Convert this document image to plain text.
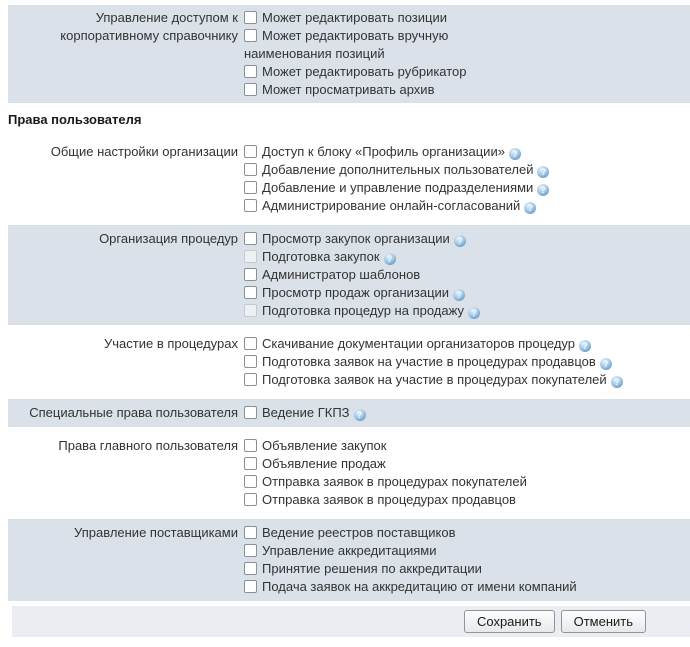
Управление доступом к корпоративному справочнику
Может редактировать позиции
Может редактировать вручную наименования позиций
Может редактировать рубрикатор
Может просматривать архив
Права пользователя
Общие настройки организации	Доступ к блоку «Профиль организации» ?
Добавление дополнительных пользователей ?
Добавление и управление подразделениями ?
Администрирование онлайн-согласований ?
Организация процедур	Просмотр закупок организации ?
Подготовка закупок ?
Администратор шаблонов
Просмотр продаж организации ?
Подготовка процедур на продажу ?
Участие в процедурах	Скачивание документации организаторов процедур ?
Подготовка заявок на участие в процедурах продавцов ?
Подготовка заявок на участие в процедурах покупателей ?
Специальные права пользователя	Ведение ГКПЗ ?
Права главного пользователя	Объявление закупок
Объявление продаж
Отправка заявок в процедурах покупателей
Отправка заявок в процедурах продавцов
Управление поставщиками	Ведение реестров поставщиков
Управление аккредитациями
Принятие решения по аккредитации
Подача заявок на аккредитацию от имени компаний
Сохранить	Отменить
